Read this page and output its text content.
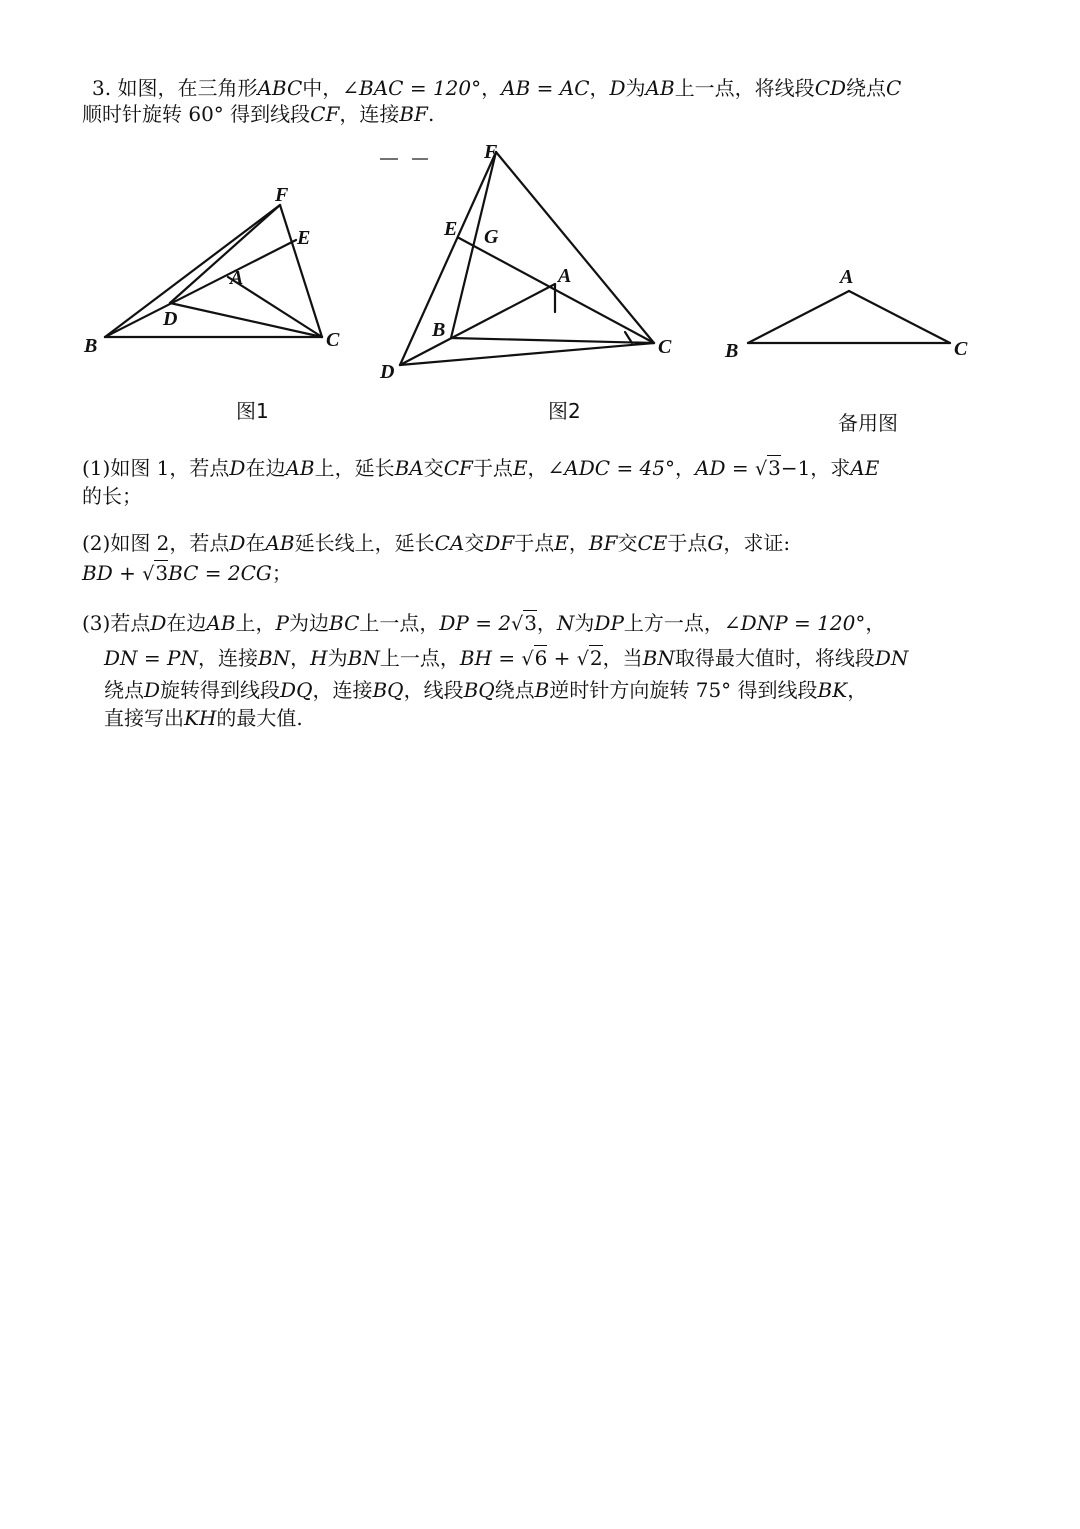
3. 如图，在三角形ABC中，∠BAC = 120°，AB = AC，D为AB上一点，将线段CD绕点C
顺时针旋转 60° 得到线段CF，连接BF.
B	C
A
D
E
F
图1
F
E G
A
B
C
D
图2
A
B	C
备用图
(1)如图 1，若点D在边AB上，延长BA交CF于点E，∠ADC = 45°，AD = √3−1，求AE
的长；
(2)如图 2，若点D在AB延长线上，延长CA交DF于点E，BF交CE于点G，求证:
BD + √3BC = 2CG；
(3)若点D在边AB上，P为边BC上一点，DP = 2√3，N为DP上方一点，∠DNP = 120°，
DN = PN，连接BN，H为BN上一点，BH = √6 + √2，当BN取得最大值时，将线段DN
绕点D旋转得到线段DQ，连接BQ，线段BQ绕点B逆时针方向旋转 75° 得到线段BK，
直接写出KH的最大值.
